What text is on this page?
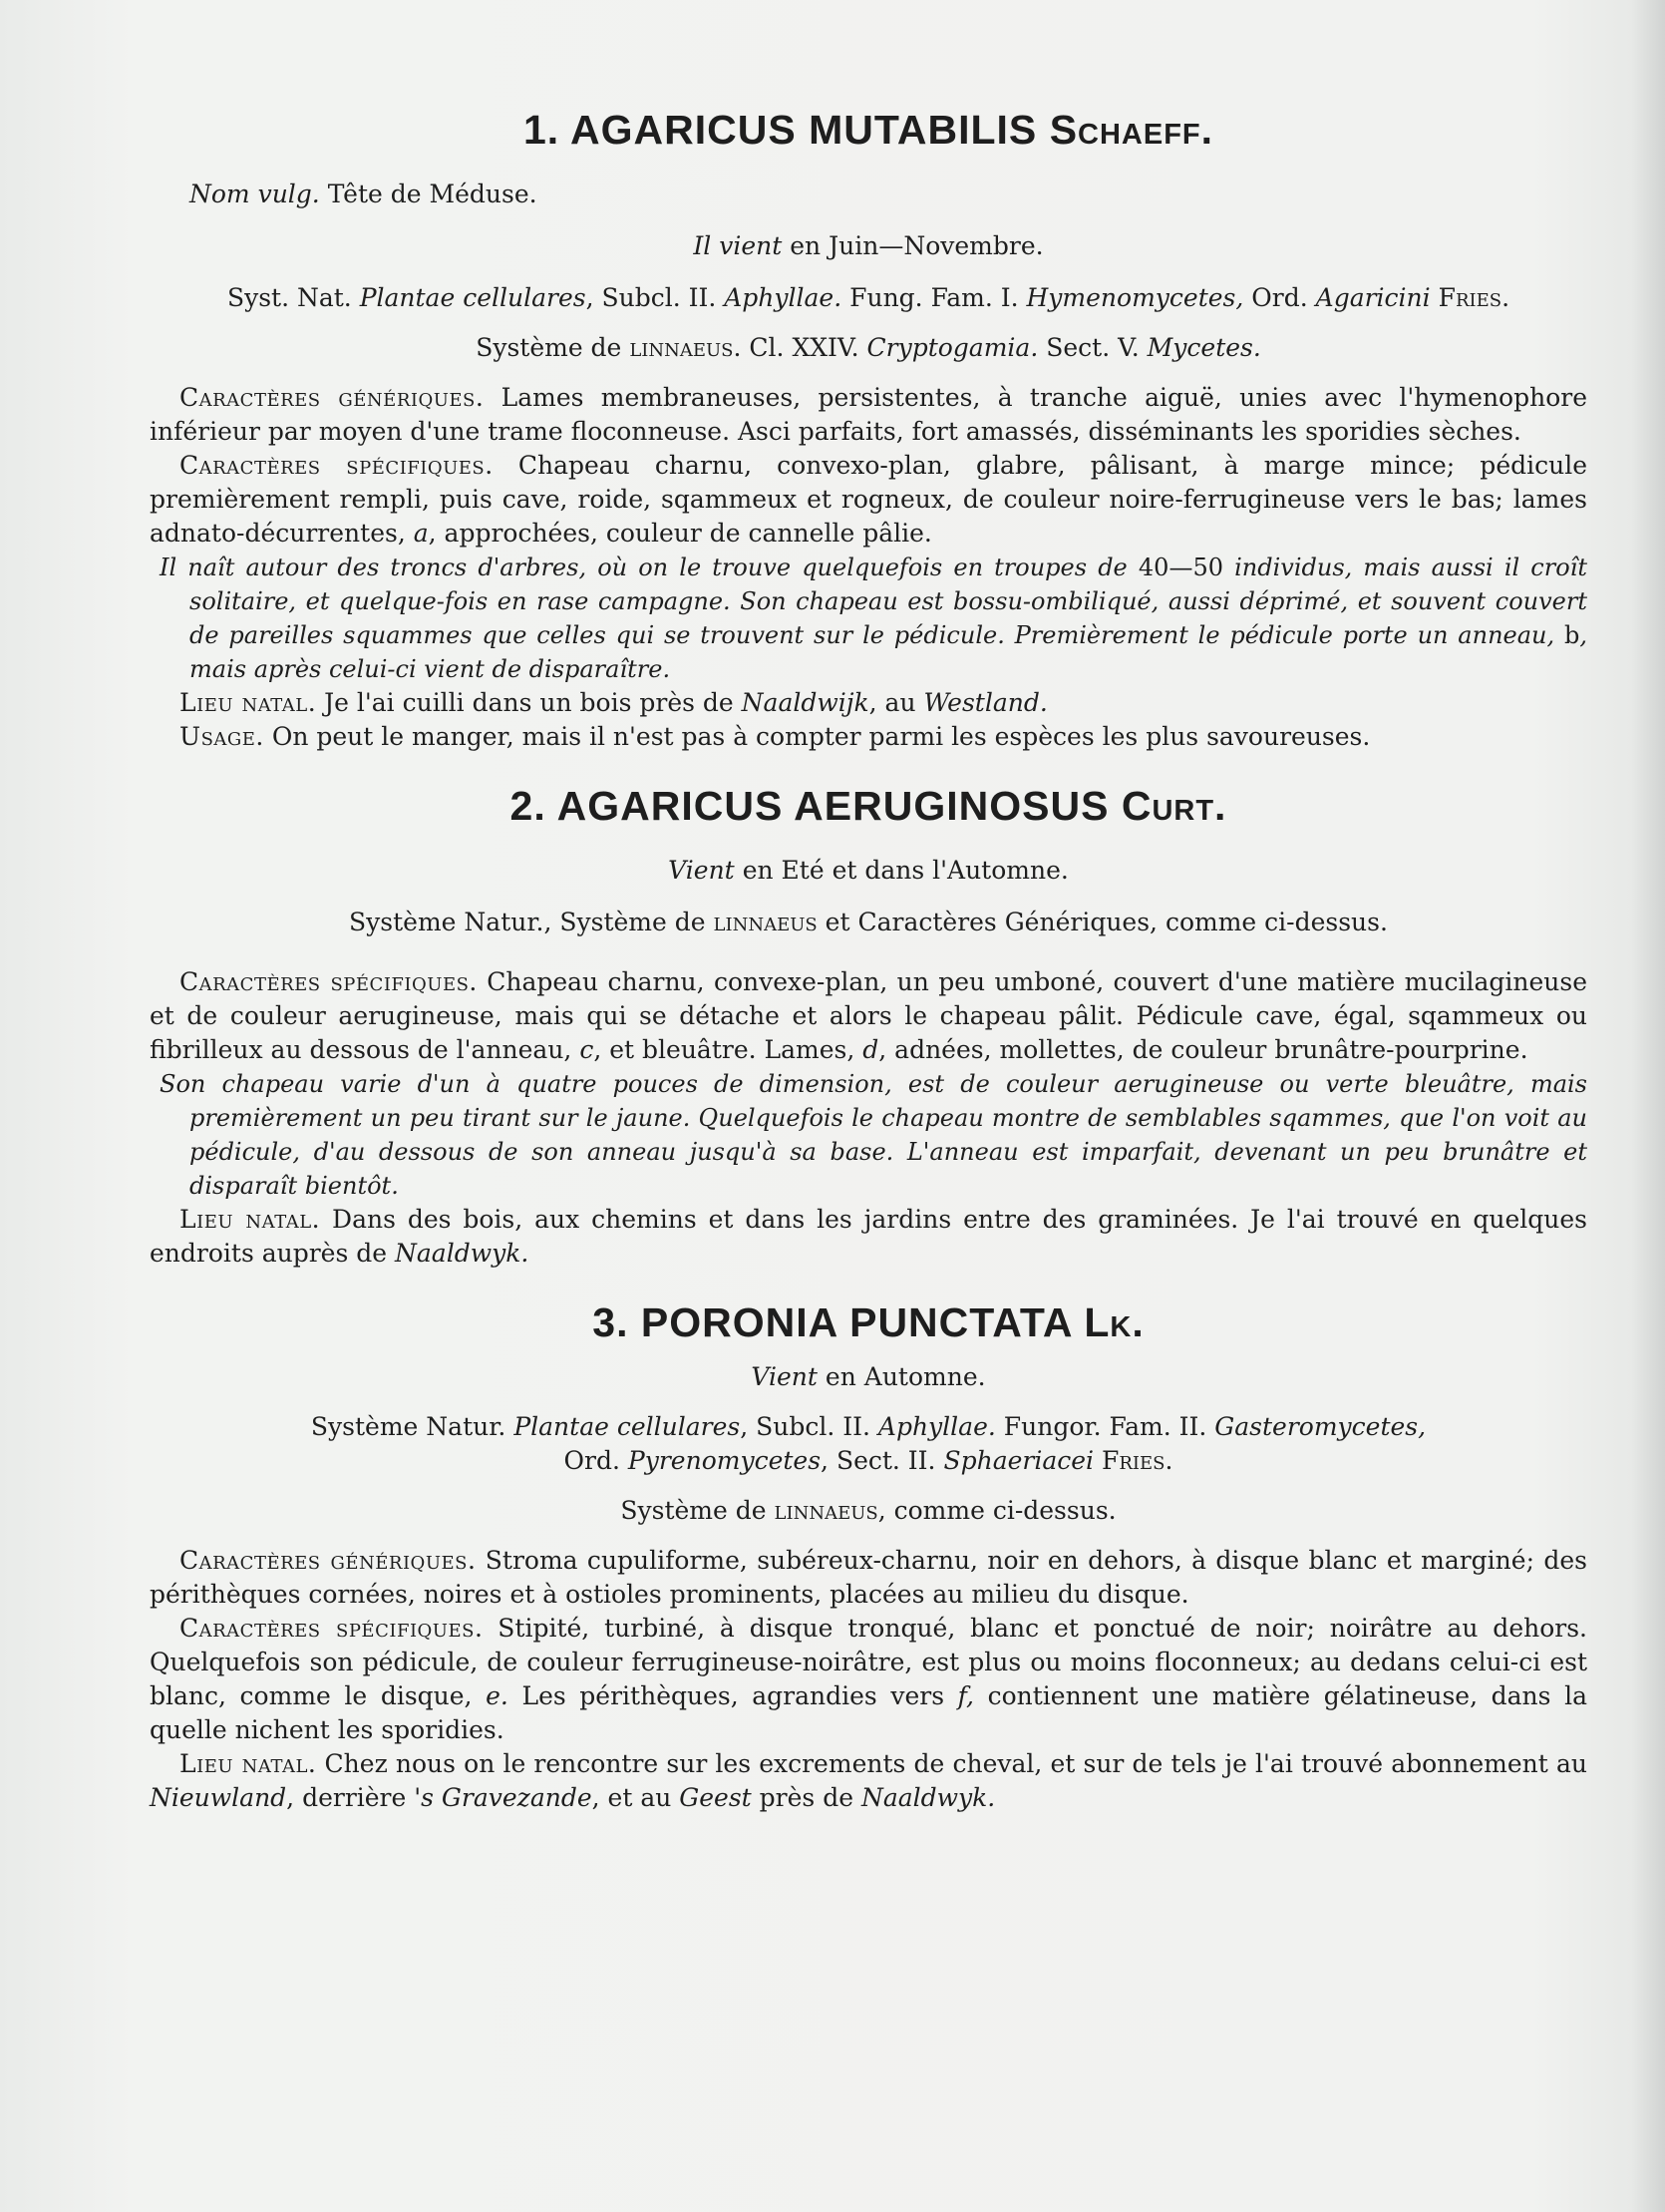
1. AGARICUS MUTABILIS Schaeff.
Nom vulg. Tête de Méduse.
Il vient en Juin—Novembre.
Syst. Nat. Plantae cellulares, Subcl. II. Aphyllae. Fung. Fam. I. Hymenomycetes, Ord. Agaricini Fries.
Système de linnaeus. Cl. XXIV. Cryptogamia. Sect. V. Mycetes.

Caractères génériques. Lames membraneuses, persistentes, à tranche aiguë, unies avec l'hymenophore inférieur par moyen d'une trame floconneuse. Asci parfaits, fort amassés, disséminants les sporidies sèches.

Caractères spécifiques. Chapeau charnu, convexo-plan, glabre, pâlisant, à marge mince; pédicule premièrement rempli, puis cave, roide, sqammeux et rogneux, de couleur noire-ferrugineuse vers le bas; lames adnato-décurrentes, a, approchées, couleur de cannelle pâlie.

Il naît autour des troncs d'arbres, où on le trouve quelquefois en troupes de 40—50 individus, mais aussi il croît solitaire, et quelque-fois en rase campagne. Son chapeau est bossu-ombiliqué, aussi déprimé, et souvent couvert de pareilles squammes que celles qui se trouvent sur le pédicule. Premièrement le pédicule porte un anneau, b, mais après celui-ci vient de disparaître.

Lieu natal. Je l'ai cuilli dans un bois près de Naaldwijk, au Westland.

Usage. On peut le manger, mais il n'est pas à compter parmi les espèces les plus savoureuses.

2. AGARICUS AERUGINOSUS Curt.
Vient en Eté et dans l'Automne.
Système Natur., Système de linnaeus et Caractères Génériques, comme ci-dessus.

Caractères spécifiques. Chapeau charnu, convexe-plan, un peu umboné, couvert d'une matière mucilagineuse et de couleur aerugineuse, mais qui se détache et alors le chapeau pâlit. Pédicule cave, égal, sqammeux ou fibrilleux au dessous de l'anneau, c, et bleuâtre. Lames, d, adnées, mollettes, de couleur brunâtre-pourprine.

Son chapeau varie d'un à quatre pouces de dimension, est de couleur aerugineuse ou verte bleuâtre, mais premièrement un peu tirant sur le jaune. Quelquefois le chapeau montre de semblables sqammes, que l'on voit au pédicule, d'au dessous de son anneau jusqu'à sa base. L'anneau est imparfait, devenant un peu brunâtre et disparaît bientôt.

Lieu natal. Dans des bois, aux chemins et dans les jardins entre des graminées. Je l'ai trouvé en quelques endroits auprès de Naaldwyk.

3. PORONIA PUNCTATA Lk.
Vient en Automne.
Système Natur. Plantae cellulares, Subcl. II. Aphyllae. Fungor. Fam. II. Gasteromycetes,
Ord. Pyrenomycetes, Sect. II. Sphaeriacei Fries.
Système de linnaeus, comme ci-dessus.

Caractères génériques. Stroma cupuliforme, subéreux-charnu, noir en dehors, à disque blanc et marginé; des périthèques cornées, noires et à ostioles prominents, placées au milieu du disque.

Caractères spécifiques. Stipité, turbiné, à disque tronqué, blanc et ponctué de noir; noirâtre au dehors. Quelquefois son pédicule, de couleur ferrugineuse-noirâtre, est plus ou moins floconneux; au dedans celui-ci est blanc, comme le disque, e. Les périthèques, agrandies vers f, contiennent une matière gélatineuse, dans la quelle nichent les sporidies.

Lieu natal. Chez nous on le rencontre sur les excrements de cheval, et sur de tels je l'ai trouvé abonnement au Nieuwland, derrière 's Gravezande, et au Geest près de Naaldwyk.
